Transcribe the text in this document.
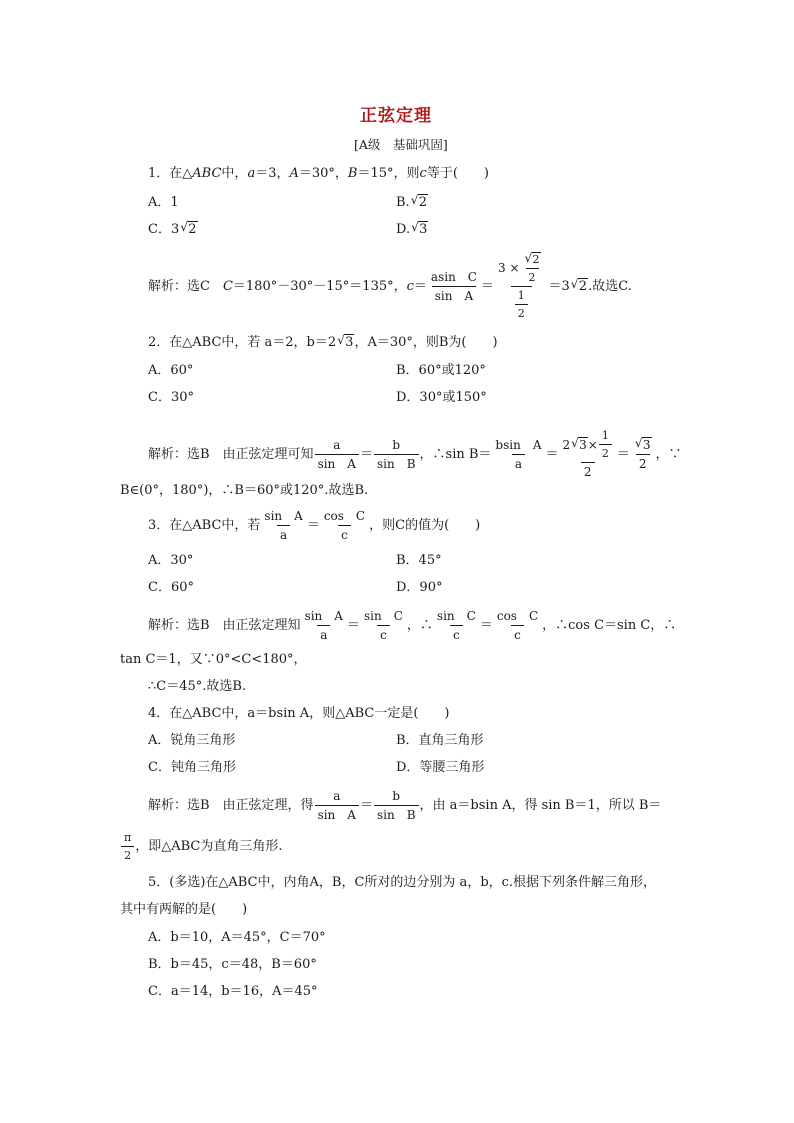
正弦定理
[A级　基础巩固]
1．在△ABC中，a＝3，A＝30°，B＝15°，则c等于(　　)
A．1	B. √ 2
C．3 √ 2	D. √ 3
解析：选C　 C ＝180°－30°－15°＝135°， $c = \frac{\text{asin　C}}{\text{sin　A}} = \frac{3 \times \frac{√ 2}{2}}{\frac{1}{2}} =3$ √ 2 .故选C.
2．在△ABC中，若 a＝2，b＝2 √ 3，A＝30°，则B为(　　)
A．60°	B．60°或120°
C．30°	D．30°或150°
解析：选B　由正弦定理可知 $\frac{a}{\text{sin　A}} = \frac{b}{\text{sin　B}}$ ，∴sin $B= \frac{\text{bsin　A}}{a} = \frac{2 √ 3 \times \frac{1}{2}}{2} = \frac{√ 3}{2}$ ，∵
B∈(0°，180°)，∴B＝60°或120°.故选B.
3．在△ABC中，若 $\frac{\text{sin　A}}{a} = \frac{\text{cos　C}}{c}$ ，则C的值为(　　)
A．30°	B．45°
C．60°	D．90°
解析：选B　由正弦定理知 $\frac{\text{sin　A}}{a} = \frac{\text{sin　C}}{c}$ ，∴ $\frac{\text{sin　C}}{c} = \frac{\text{cos　C}}{c}$ ，∴cos C＝sin C，∴
tan C＝1，又∵0°<C<180°，
∴C＝45°.故选B.
4．在△ABC中，a＝bsin A，则△ABC一定是(　　)
A．锐角三角形	B．直角三角形
C．钝角三角形	D．等腰三角形
解析：选B　由正弦定理，得 $\frac{a}{\text{sin　A}} = \frac{b}{\text{sin　B}}$ ，由 a＝bsin A，得 sin B＝1，所以 B＝
$\frac{\pi}{2}$ ，即△ABC为直角三角形.
5．(多选)在△ABC中，内角A，B，C所对的边分别为 a，b，c.根据下列条件解三角形，
其中有两解的是(　　)
A．b＝10，A＝45°，C＝70°
B．b＝45，c＝48，B＝60°
C．a＝14，b＝16，A＝45°
